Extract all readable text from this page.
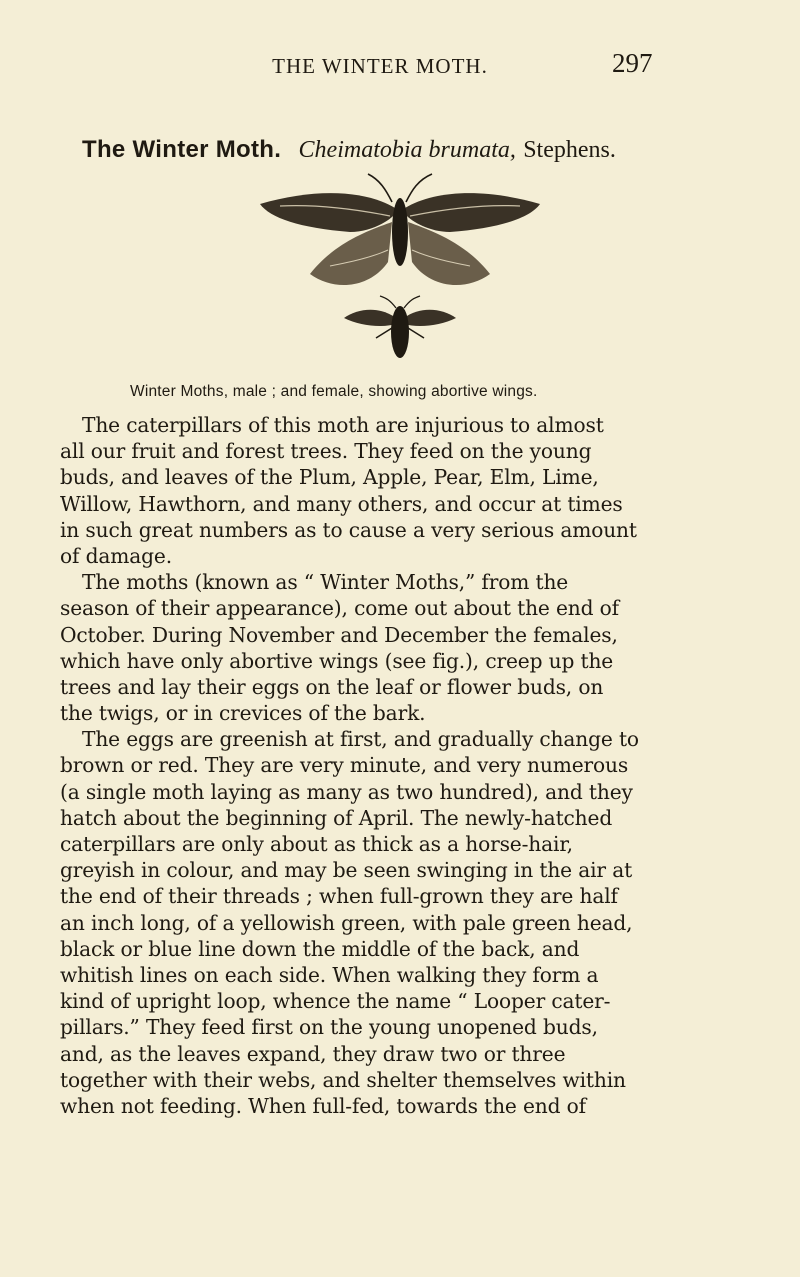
THE WINTER MOTH.	297
The Winter Moth. Cheimatobia brumata, Stephens.
Winter Moths, male ; and female, showing abortive wings.
The caterpillars of this moth are injurious to almost
all our fruit and forest trees. They feed on the young
buds, and leaves of the Plum, Apple, Pear, Elm, Lime,
Willow, Hawthorn, and many others, and occur at times
in such great numbers as to cause a very serious amount
of damage.
The moths (known as “ Winter Moths,” from the
season of their appearance), come out about the end of
October. During November and December the females,
which have only abortive wings (see fig.), creep up the
trees and lay their eggs on the leaf or flower buds, on
the twigs, or in crevices of the bark.
The eggs are greenish at first, and gradually change to
brown or red. They are very minute, and very numerous
(a single moth laying as many as two hundred), and they
hatch about the beginning of April. The newly-hatched
caterpillars are only about as thick as a horse-hair,
greyish in colour, and may be seen swinging in the air at
the end of their threads ; when full-grown they are half
an inch long, of a yellowish green, with pale green head,
black or blue line down the middle of the back, and
whitish lines on each side. When walking they form a
kind of upright loop, whence the name “ Looper cater-
pillars.” They feed first on the young unopened buds,
and, as the leaves expand, they draw two or three
together with their webs, and shelter themselves within
when not feeding. When full-fed, towards the end of
